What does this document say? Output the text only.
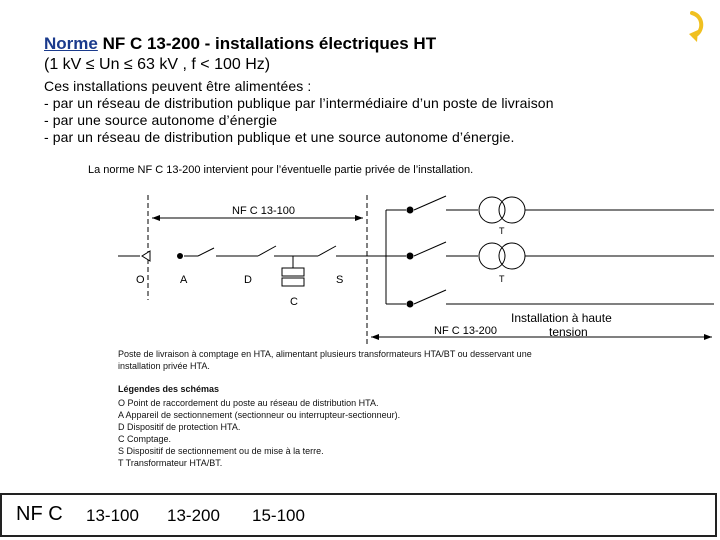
Norme NF C 13-200 - installations électriques HT
(1 kV ≤ Un ≤ 63 kV , f < 100 Hz)
Ces installations peuvent être alimentées :
- par un réseau de distribution publique par l’intermédiaire d’un poste de livraison
- par une source autonome d’énergie
- par un réseau de distribution publique et une source autonome d’énergie.
La norme NF C 13-200 intervient pour l’éventuelle partie privée de l’installation.
NF C 13-100
NF C 13-200
O	A	D	S
C
T
T
Installation à haute
tension
Poste de livraison à comptage en HTA, alimentant plusieurs transformateurs HTA/BT ou desservant une
installation privée HTA.
Légendes des schémas
O Point de raccordement du poste au réseau de distribution HTA.
A Appareil de sectionnement (sectionneur ou interrupteur-sectionneur).
D Dispositif de protection HTA.
C Comptage.
S Dispositif de sectionnement ou de mise à la terre.
T Transformateur HTA/BT.
NF C 13-100 13-200 15-100
